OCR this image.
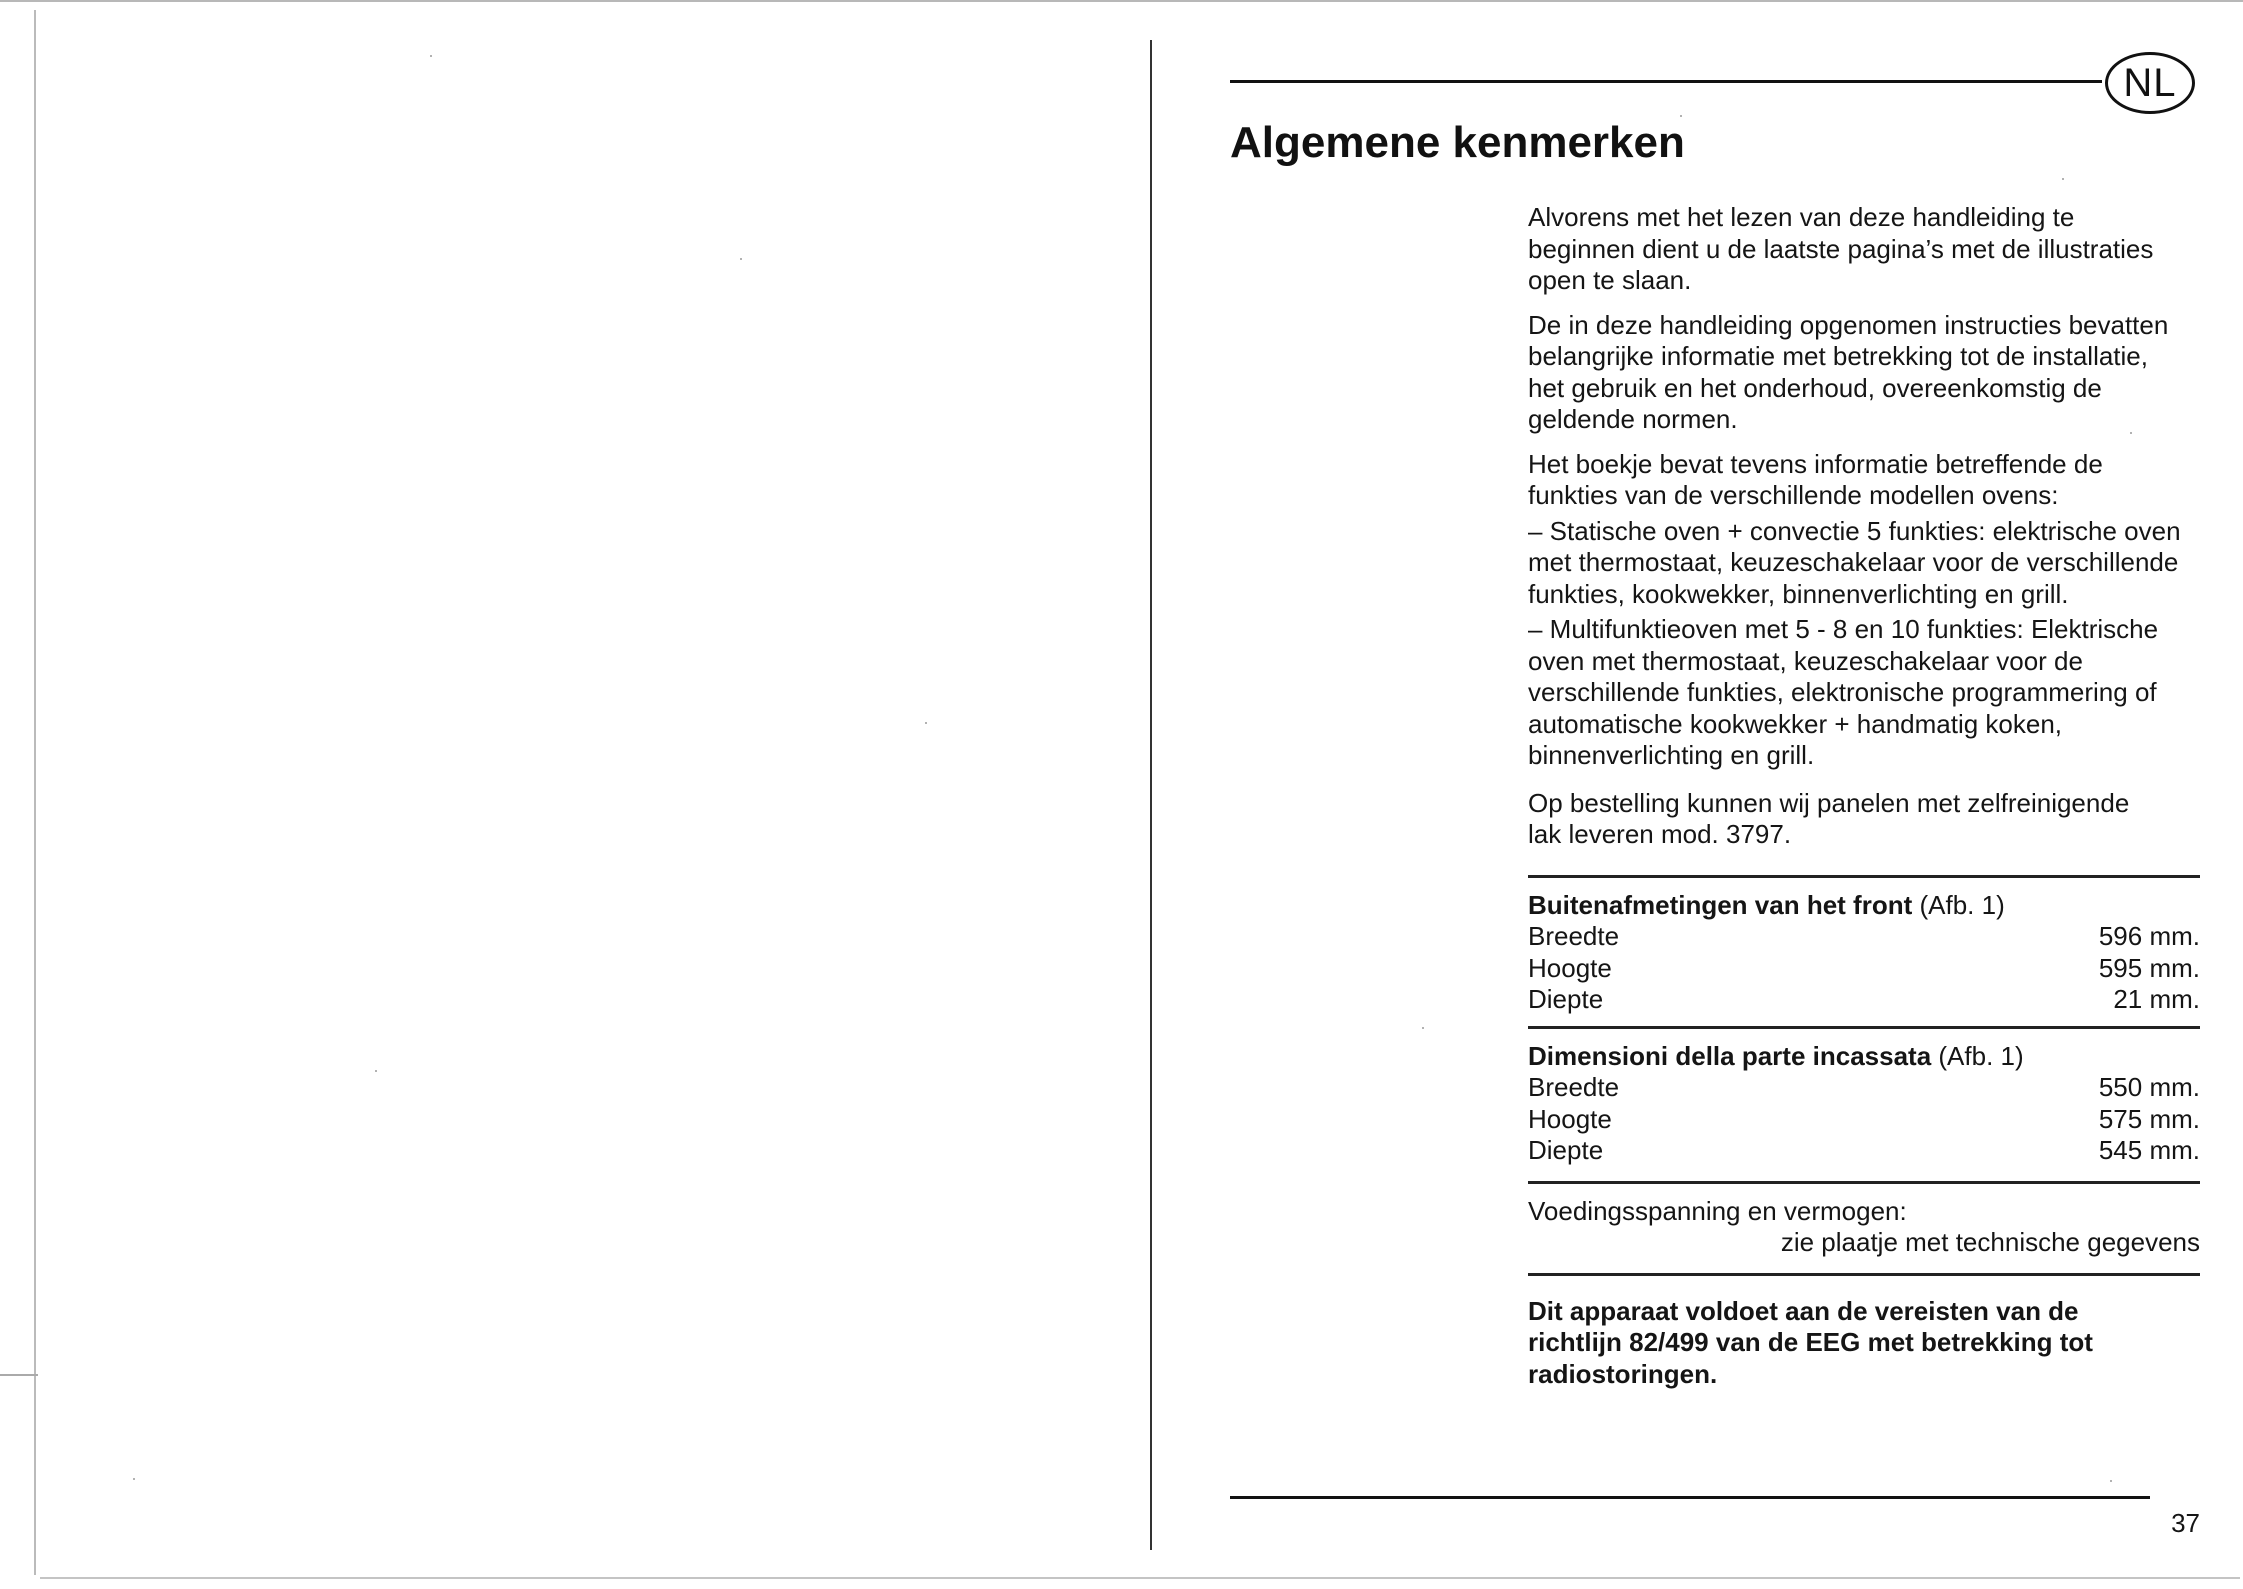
NL
Algemene kenmerken

Alvorens met het lezen van deze handleiding te
beginnen dient u de laatste pagina’s met de illustraties
open te slaan.

De in deze handleiding opgenomen instructies bevatten
belangrijke informatie met betrekking tot de installatie,
het gebruik en het onderhoud, overeenkomstig de
geldende normen.

Het boekje bevat tevens informatie betreffende de
funkties van de verschillende modellen ovens:

– Statische oven + convectie 5 funkties: elektrische oven
met thermostaat, keuzeschakelaar voor de verschillende
funkties, kookwekker, binnenverlichting en grill.

– Multifunktieoven met 5 - 8 en 10 funkties: Elektrische
oven met thermostaat, keuzeschakelaar voor de
verschillende funkties, elektronische programmering of
automatische kookwekker + handmatig koken,
binnenverlichting en grill.

Op bestelling kunnen wij panelen met zelfreinigende
lak leveren mod. 3797.

Buitenafmetingen van het front (Afb. 1)

Breedte	596 mm.
Hoogte	595 mm.
Diepte	21 mm.

Dimensioni della parte incassata (Afb. 1)

Breedte	550 mm.
Hoogte	575 mm.
Diepte	545 mm.

Voedingsspanning en vermogen:

zie plaatje met technische gegevens

Dit apparaat voldoet aan de vereisten van de
richtlijn 82/499 van de EEG met betrekking tot
radiostoringen.

37
